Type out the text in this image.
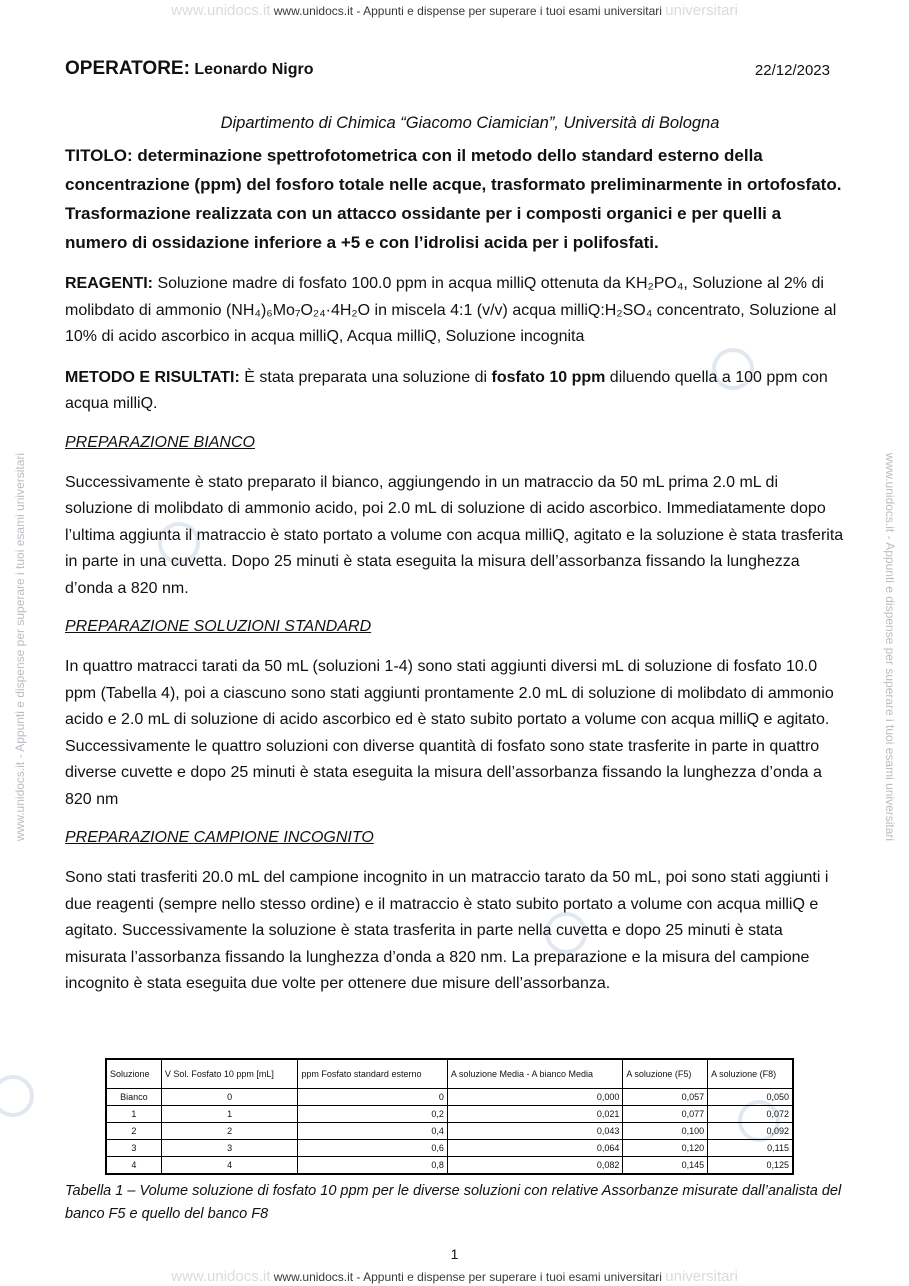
www.unidocs.it www.unidocs.it - Appunti e dispense per superare i tuoi esami universitari universitari
www.unidocs.it www.unidocs.it - Appunti e dispense per superare i tuoi esami universitari universitari
www.unidocs.it - Appunti e dispense per superare i tuoi esami universitari	www.unidocs.it - Appunti e dispense per superare i tuoi esami universitari
OPERATORE: Leonardo Nigro	22/12/2023
Dipartimento di Chimica “Giacomo Ciamician”, Università di Bologna
TITOLO: determinazione spettrofotometrica con il metodo dello standard esterno della concentrazione (ppm) del fosforo totale nelle acque, trasformato preliminarmente in ortofosfato. Trasformazione realizzata con un attacco ossidante per i composti organici e per quelli a numero di ossidazione inferiore a +5 e con l’idrolisi acida per i polifosfati.

REAGENTI: Soluzione madre di fosfato 100.0 ppm in acqua milliQ ottenuta da KH₂PO₄, Soluzione al 2% di molibdato di ammonio (NH₄)₆Mo₇O₂₄·4H₂O in miscela 4:1 (v/v) acqua milliQ:H₂SO₄ concentrato, Soluzione al 10% di acido ascorbico in acqua milliQ, Acqua milliQ, Soluzione incognita

METODO E RISULTATI: È stata preparata una soluzione di fosfato 10 ppm diluendo quella a 100 ppm con acqua milliQ.

PREPARAZIONE BIANCO

Successivamente è stato preparato il bianco, aggiungendo in un matraccio da 50 mL prima 2.0 mL di soluzione di molibdato di ammonio acido, poi 2.0 mL di soluzione di acido ascorbico. Immediatamente dopo l’ultima aggiunta il matraccio è stato portato a volume con acqua milliQ, agitato e la soluzione è stata trasferita in parte in una cuvetta. Dopo 25 minuti è stata eseguita la misura dell’assorbanza fissando la lunghezza d’onda a 820 nm.

PREPARAZIONE SOLUZIONI STANDARD

In quattro matracci tarati da 50 mL (soluzioni 1-4) sono stati aggiunti diversi mL di soluzione di fosfato 10.0 ppm (Tabella 4), poi a ciascuno sono stati aggiunti prontamente 2.0 mL di soluzione di molibdato di ammonio acido e 2.0 mL di soluzione di acido ascorbico ed è stato subito portato a volume con acqua milliQ e agitato. Successivamente le quattro soluzioni con diverse quantità di fosfato sono state trasferite in parte in quattro diverse cuvette e dopo 25 minuti è stata eseguita la misura dell’assorbanza fissando la lunghezza d’onda a 820 nm

PREPARAZIONE CAMPIONE INCOGNITO

Sono stati trasferiti 20.0 mL del campione incognito in un matraccio tarato da 50 mL, poi sono stati aggiunti i due reagenti (sempre nello stesso ordine) e il matraccio è stato subito portato a volume con acqua milliQ e agitato. Successivamente la soluzione è stata trasferita in parte nella cuvetta e dopo 25 minuti è stata misurata l’assorbanza fissando la lunghezza d’onda a 820 nm. La preparazione e la misura del campione incognito è stata eseguita due volte per ottenere due misure dell’assorbanza.

Soluzione	V Sol. Fosfato 10 ppm [mL]	ppm Fosfato standard esterno	A soluzione Media - A bianco Media	A soluzione (F5)	A soluzione (F8)
Bianco	0	0	0,000	0,057	0,050
1	1	0,2	0,021	0,077	0,072
2	2	0,4	0,043	0,100	0,092
3	3	0,6	0,064	0,120	0,115
4	4	0,8	0,082	0,145	0,125
Tabella 1 – Volume soluzione di fosfato 10 ppm per le diverse soluzioni con relative Assorbanze misurate dall’analista del banco F5 e quello del banco F8
1
